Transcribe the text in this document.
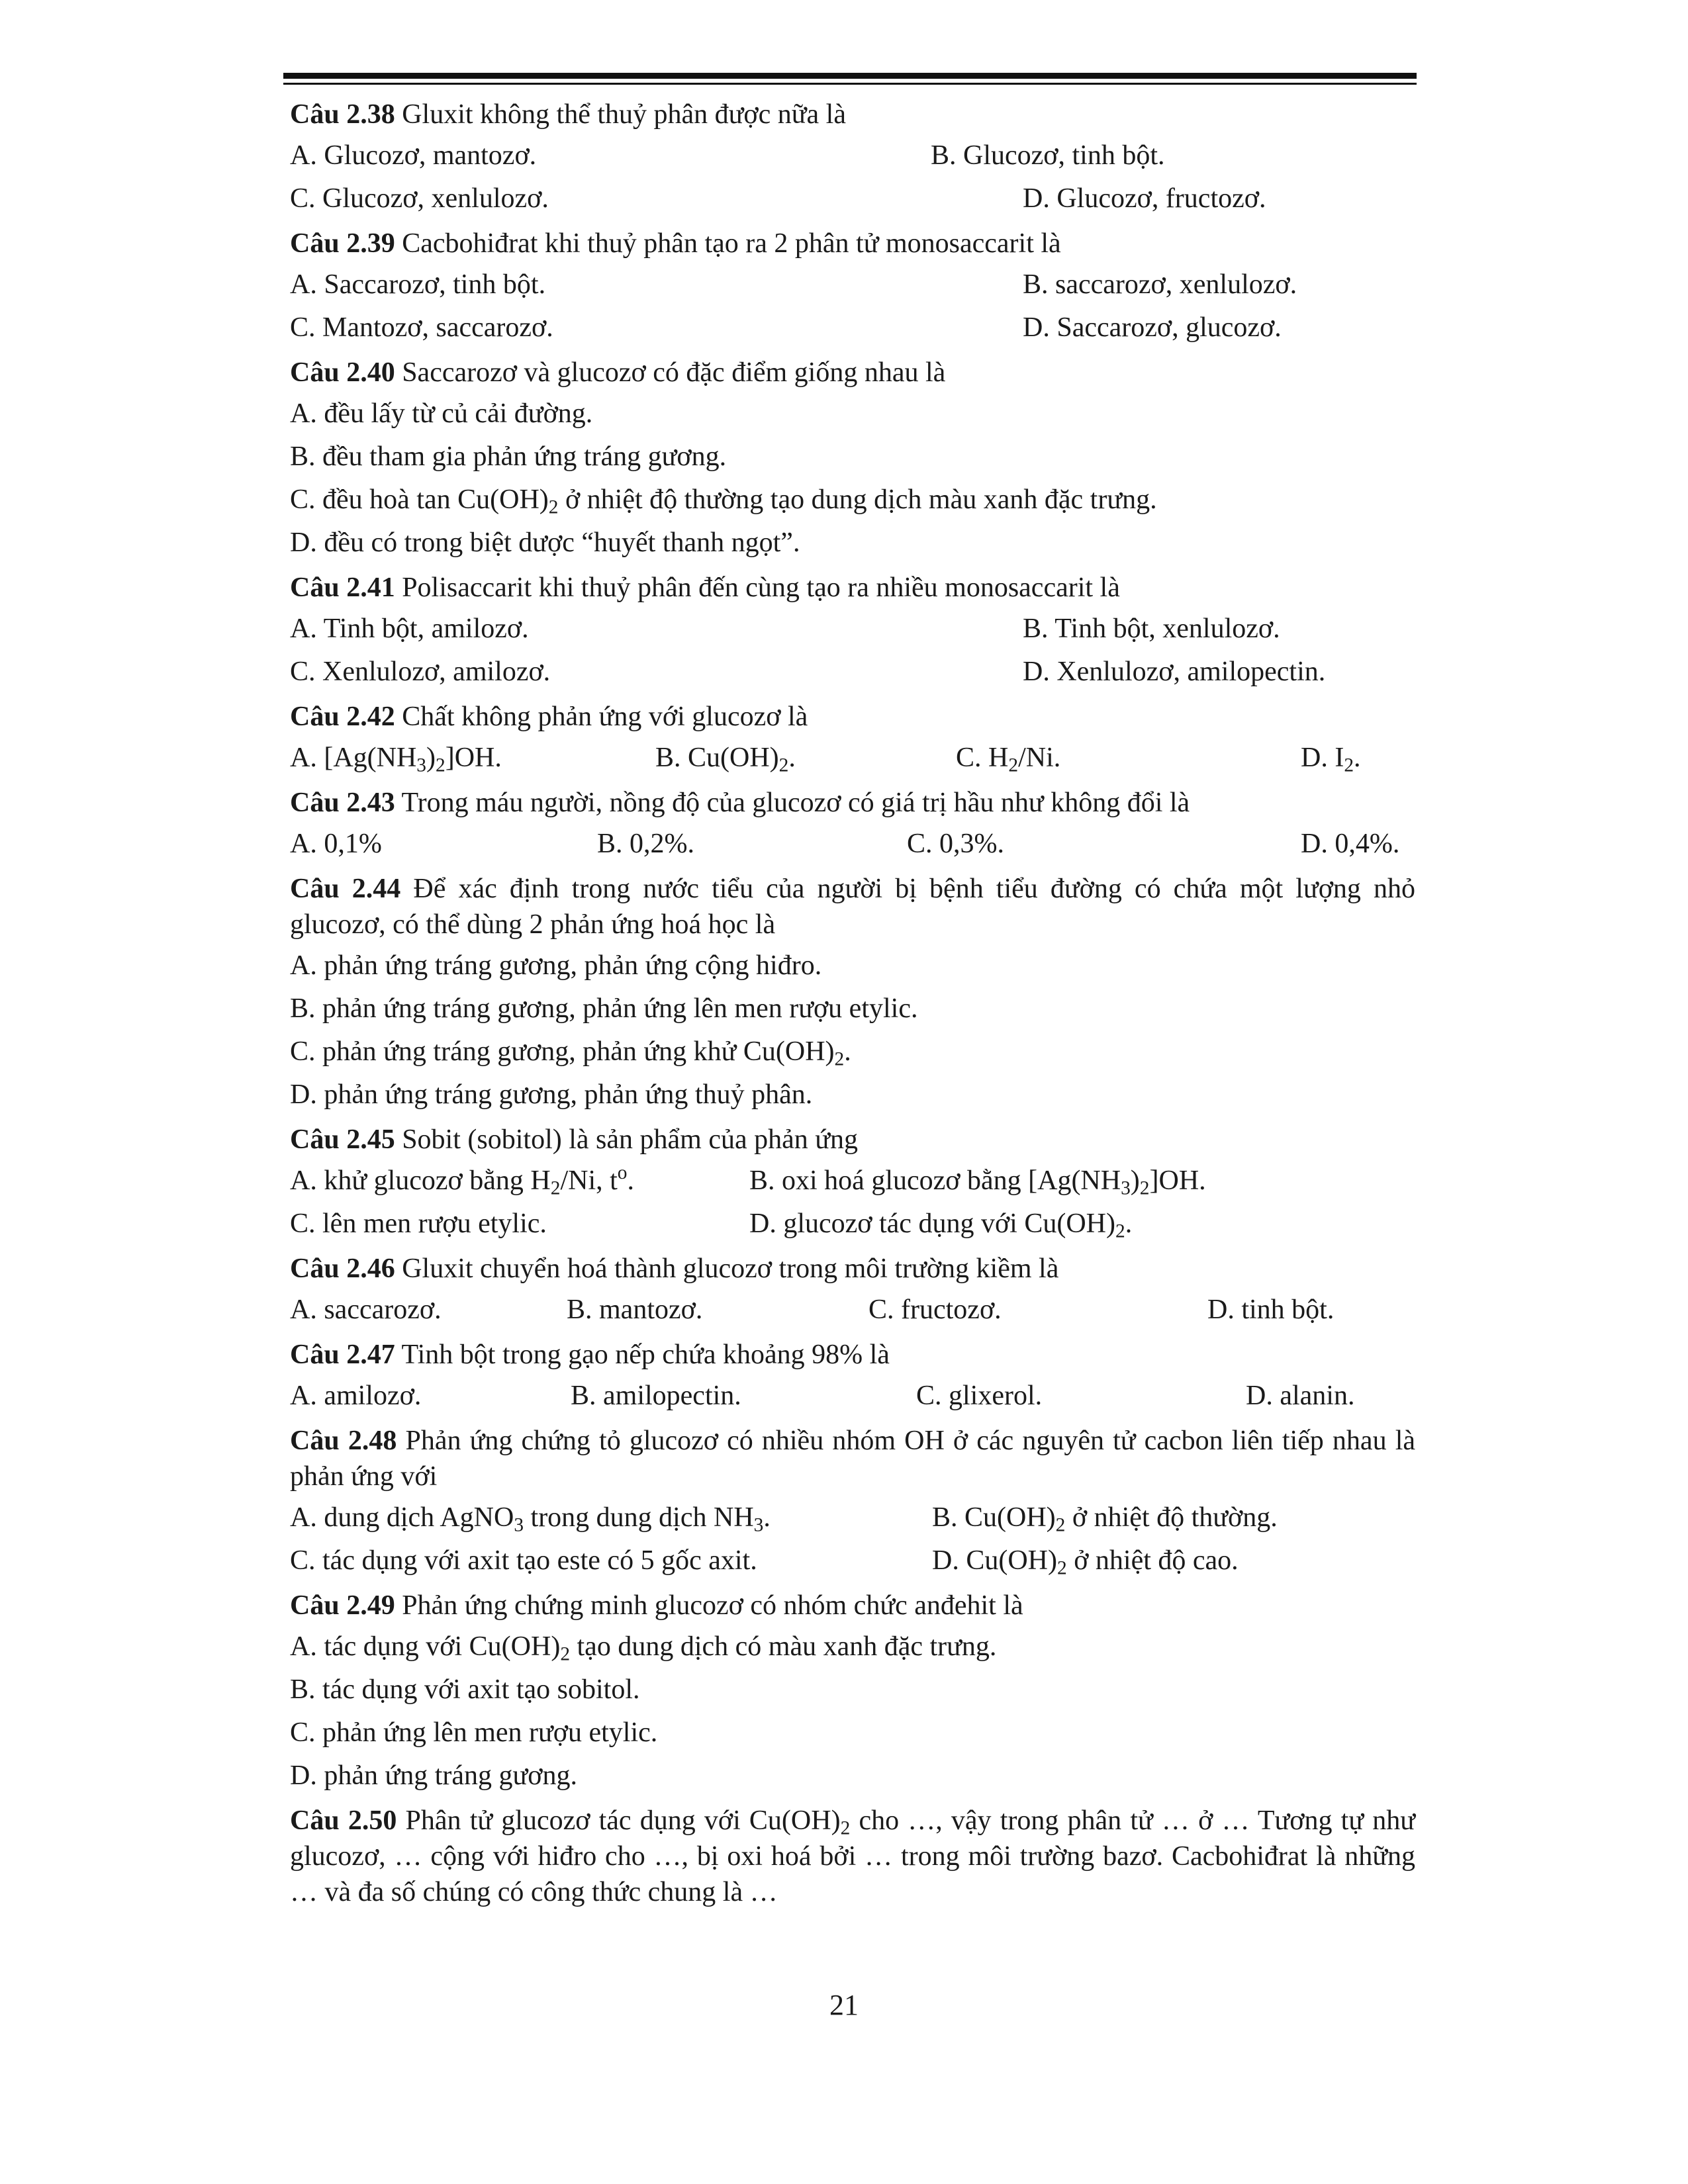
Câu 2.38 Gluxit không thể thuỷ phân được nữa là
A. Glucozơ, mantozơ.	B. Glucozơ, tinh bột.
C. Glucozơ, xenlulozơ.	D. Glucozơ, fructozơ.
Câu 2.39 Cacbohiđrat khi thuỷ phân tạo ra 2 phân tử monosaccarit là
A. Saccarozơ, tinh bột.	B. saccarozơ, xenlulozơ.
C. Mantozơ, saccarozơ.	D. Saccarozơ, glucozơ.
Câu 2.40 Saccarozơ và glucozơ có đặc điểm giống nhau là
A. đều lấy từ củ cải đường.
B. đều tham gia phản ứng tráng gương.
C. đều hoà $\tan Cu(OH)_2$ ở nhiệt độ thường tạo dung dịch màu xanh đặc trưng.
D. đều có trong biệt dược “huyết thanh ngọt”.
Câu 2.41 Polisaccarit khi thuỷ phân đến cùng tạo ra nhiều monosaccarit là
A. Tinh bột, amilozơ.	B. Tinh bột, xenlulozơ.
C. Xenlulozơ, amilozơ.	D. Xenlulozơ, amilopectin.
Câu 2.42 Chất không phản ứng với glucozơ là
A. $[Ag(NH_3)_2]OH$.	B. $Cu(OH)_2$.	C. $H_2/Ni$.	D. $I_2$.
Câu 2.43 Trong máu người, nồng độ của glucozơ có giá trị hầu như không đổi là
A. 0,1%	B. 0,2%.	C. 0,3%.	D. 0,4%.
Câu 2.44 Để xác định trong nước tiểu của người bị bệnh tiểu đường có chứa một lượng nhỏ glucozơ, có thể dùng 2 phản ứng hoá học là
A. phản ứng tráng gương, phản ứng cộng hiđro.
B. phản ứng tráng gương, phản ứng lên men rượu etylic.
C. phản ứng tráng gương, phản ứng khử $Cu(OH)_2$.
D. phản ứng tráng gương, phản ứng thuỷ phân.
Câu 2.45 Sobit (sobitol) là sản phẩm của phản ứng
A. khử glucozơ bằng $H_2/Ni$, $t^o$.	B. oxi hoá glucozơ bằng $[Ag(NH_3)_2]OH$.
C. lên men rượu etylic.	D. glucozơ tác dụng với $Cu(OH)_2$.
Câu 2.46 Gluxit chuyển hoá thành glucozơ trong môi trường kiềm là
A. saccarozơ.	B. mantozơ.	C. fructozơ.	D. tinh bột.
Câu 2.47 Tinh bột trong gạo nếp chứa khoảng 98% là
A. amilozơ.	B. amilopectin.	C. glixerol.	D. alanin.
Câu 2.48 Phản ứng chứng tỏ glucozơ có nhiều nhóm OH ở các nguyên tử cacbon liên tiếp nhau là phản ứng với
A. dung dịch AgNO$_3$ trong dung dịch $NH_3$.	B. $Cu(OH)_2$ ở nhiệt độ thường.
C. tác dụng với axit tạo este có 5 gốc axit.	D. $Cu(OH)_2$ ở nhiệt độ cao.
Câu 2.49 Phản ứng chứng minh glucozơ có nhóm chức anđehit là
A. tác dụng với $Cu(OH)_2$ tạo dung dịch có màu xanh đặc trưng.
B. tác dụng với axit tạo sobitol.
C. phản ứng lên men rượu etylic.
D. phản ứng tráng gương.
Câu 2.50 Phân tử glucozơ tác dụng với $Cu(OH)_2$ cho …, vậy trong phân tử … ở … Tương tự như glucozơ, … cộng với hiđro cho …, bị oxi hoá bởi … trong môi trường bazơ. Cacbohiđrat là những … và đa số chúng có công thức chung là …
21
